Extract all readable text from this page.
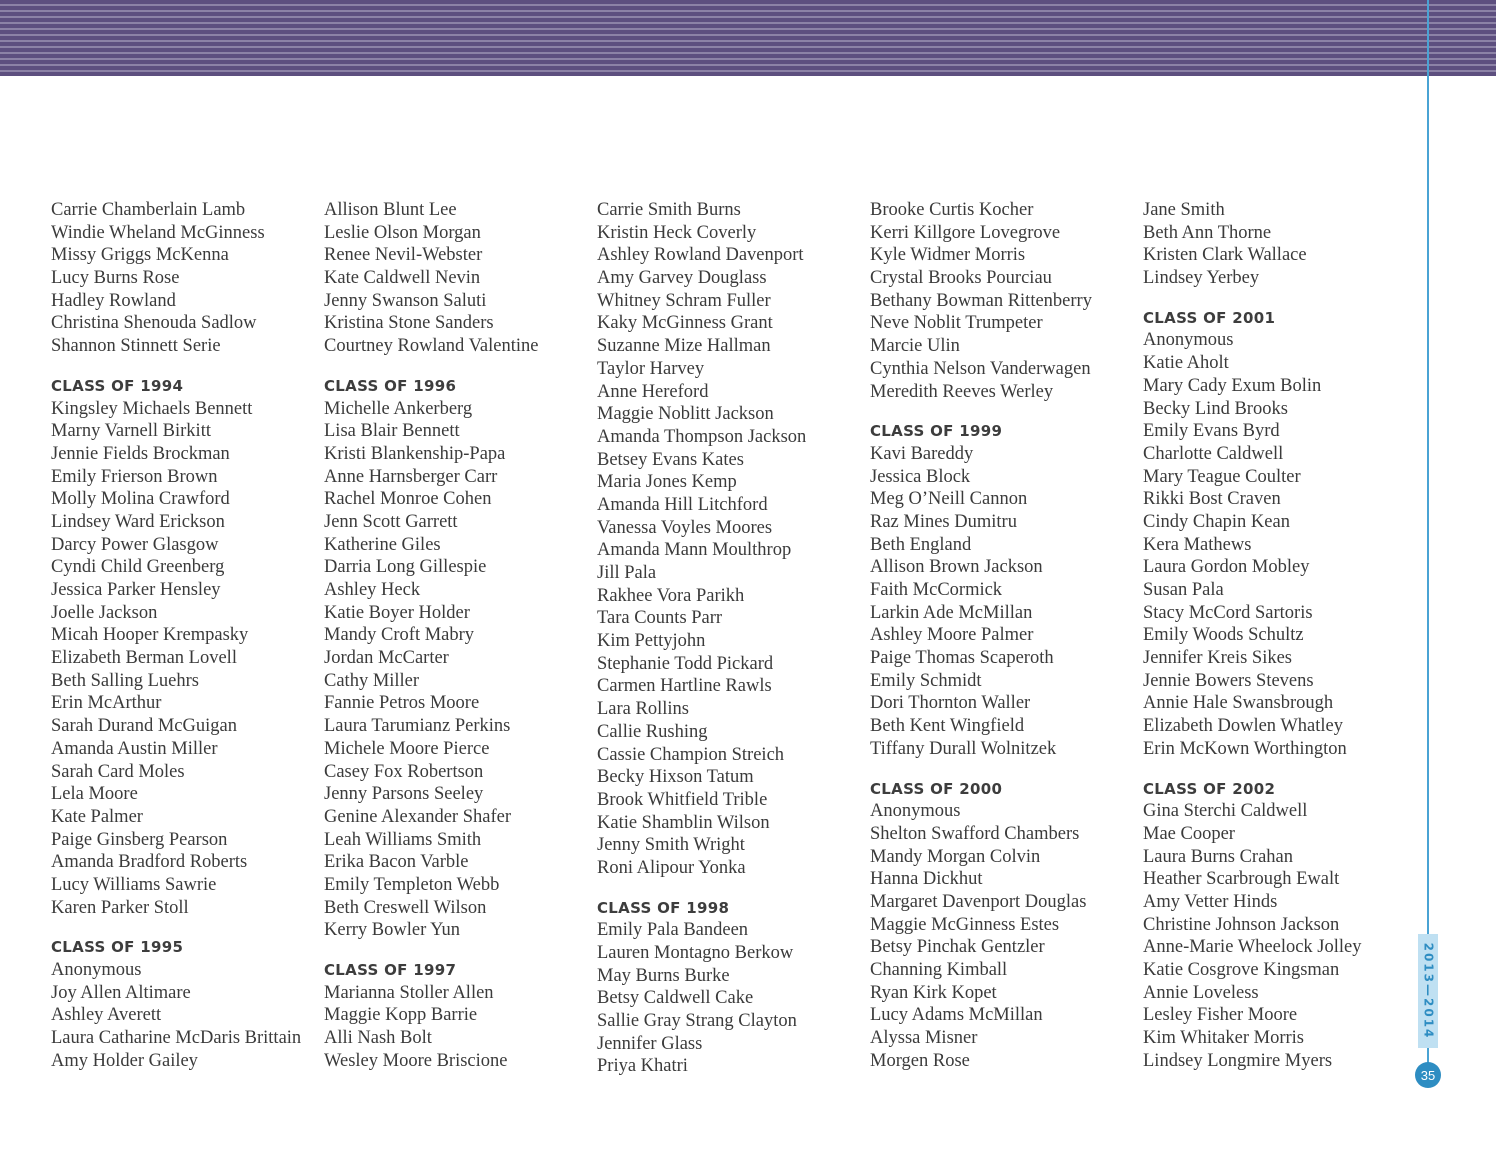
2013—2014
35
Carrie Chamberlain Lamb
Windie Wheland McGinness
Missy Griggs McKenna
Lucy Burns Rose
Hadley Rowland
Christina Shenouda Sadlow
Shannon Stinnett Serie
CLASS OF 1994
Kingsley Michaels Bennett
Marny Varnell Birkitt
Jennie Fields Brockman
Emily Frierson Brown
Molly Molina Crawford
Lindsey Ward Erickson
Darcy Power Glasgow
Cyndi Child Greenberg
Jessica Parker Hensley
Joelle Jackson
Micah Hooper Krempasky
Elizabeth Berman Lovell
Beth Salling Luehrs
Erin McArthur
Sarah Durand McGuigan
Amanda Austin Miller
Sarah Card Moles
Lela Moore
Kate Palmer
Paige Ginsberg Pearson
Amanda Bradford Roberts
Lucy Williams Sawrie
Karen Parker Stoll
CLASS OF 1995
Anonymous
Joy Allen Altimare
Ashley Averett
Laura Catharine McDaris Brittain
Amy Holder Gailey
Allison Blunt Lee
Leslie Olson Morgan
Renee Nevil-Webster
Kate Caldwell Nevin
Jenny Swanson Saluti
Kristina Stone Sanders
Courtney Rowland Valentine
CLASS OF 1996
Michelle Ankerberg
Lisa Blair Bennett
Kristi Blankenship-Papa
Anne Harnsberger Carr
Rachel Monroe Cohen
Jenn Scott Garrett
Katherine Giles
Darria Long Gillespie
Ashley Heck
Katie Boyer Holder
Mandy Croft Mabry
Jordan McCarter
Cathy Miller
Fannie Petros Moore
Laura Tarumianz Perkins
Michele Moore Pierce
Casey Fox Robertson
Jenny Parsons Seeley
Genine Alexander Shafer
Leah Williams Smith
Erika Bacon Varble
Emily Templeton Webb
Beth Creswell Wilson
Kerry Bowler Yun
CLASS OF 1997
Marianna Stoller Allen
Maggie Kopp Barrie
Alli Nash Bolt
Wesley Moore Briscione
Carrie Smith Burns
Kristin Heck Coverly
Ashley Rowland Davenport
Amy Garvey Douglass
Whitney Schram Fuller
Kaky McGinness Grant
Suzanne Mize Hallman
Taylor Harvey
Anne Hereford
Maggie Noblitt Jackson
Amanda Thompson Jackson
Betsey Evans Kates
Maria Jones Kemp
Amanda Hill Litchford
Vanessa Voyles Moores
Amanda Mann Moulthrop
Jill Pala
Rakhee Vora Parikh
Tara Counts Parr
Kim Pettyjohn
Stephanie Todd Pickard
Carmen Hartline Rawls
Lara Rollins
Callie Rushing
Cassie Champion Streich
Becky Hixson Tatum
Brook Whitfield Trible
Katie Shamblin Wilson
Jenny Smith Wright
Roni Alipour Yonka
CLASS OF 1998
Emily Pala Bandeen
Lauren Montagno Berkow
May Burns Burke
Betsy Caldwell Cake
Sallie Gray Strang Clayton
Jennifer Glass
Priya Khatri
Brooke Curtis Kocher
Kerri Killgore Lovegrove
Kyle Widmer Morris
Crystal Brooks Pourciau
Bethany Bowman Rittenberry
Neve Noblit Trumpeter
Marcie Ulin
Cynthia Nelson Vanderwagen
Meredith Reeves Werley
CLASS OF 1999
Kavi Bareddy
Jessica Block
Meg O’Neill Cannon
Raz Mines Dumitru
Beth England
Allison Brown Jackson
Faith McCormick
Larkin Ade McMillan
Ashley Moore Palmer
Paige Thomas Scaperoth
Emily Schmidt
Dori Thornton Waller
Beth Kent Wingfield
Tiffany Durall Wolnitzek
CLASS OF 2000
Anonymous
Shelton Swafford Chambers
Mandy Morgan Colvin
Hanna Dickhut
Margaret Davenport Douglas
Maggie McGinness Estes
Betsy Pinchak Gentzler
Channing Kimball
Ryan Kirk Kopet
Lucy Adams McMillan
Alyssa Misner
Morgen Rose
Jane Smith
Beth Ann Thorne
Kristen Clark Wallace
Lindsey Yerbey
CLASS OF 2001
Anonymous
Katie Aholt
Mary Cady Exum Bolin
Becky Lind Brooks
Emily Evans Byrd
Charlotte Caldwell
Mary Teague Coulter
Rikki Bost Craven
Cindy Chapin Kean
Kera Mathews
Laura Gordon Mobley
Susan Pala
Stacy McCord Sartoris
Emily Woods Schultz
Jennifer Kreis Sikes
Jennie Bowers Stevens
Annie Hale Swansbrough
Elizabeth Dowlen Whatley
Erin McKown Worthington
CLASS OF 2002
Gina Sterchi Caldwell
Mae Cooper
Laura Burns Crahan
Heather Scarbrough Ewalt
Amy Vetter Hinds
Christine Johnson Jackson
Anne-Marie Wheelock Jolley
Katie Cosgrove Kingsman
Annie Loveless
Lesley Fisher Moore
Kim Whitaker Morris
Lindsey Longmire Myers
